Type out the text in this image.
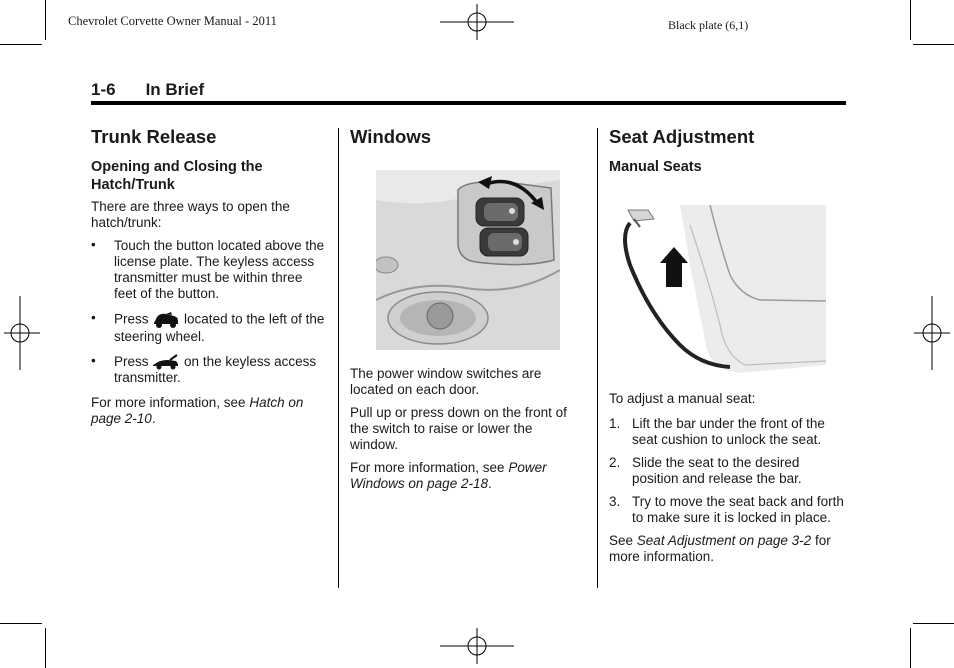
Chevrolet Corvette Owner Manual - 2011	Black plate (6,1)
1-6 In Brief
Trunk Release
Opening and Closing the Hatch/Trunk

There are three ways to open the hatch/trunk:

• Touch the button located above the license plate. The keyless access transmitter must be within three feet of the button.
• Press	located to the left of the steering wheel.
• Press	on the keyless access transmitter.

For more information, see Hatch on page 2-10.

Windows

The power window switches are located on each door.

Pull up or press down on the front of the switch to raise or lower the window.

For more information, see Power Windows on page 2-18.

Seat Adjustment
Manual Seats

To adjust a manual seat:

1. Lift the bar under the front of the seat cushion to unlock the seat.
2. Slide the seat to the desired position and release the bar.
3. Try to move the seat back and forth to make sure it is locked in place.

See Seat Adjustment on page 3-2 for more information.
